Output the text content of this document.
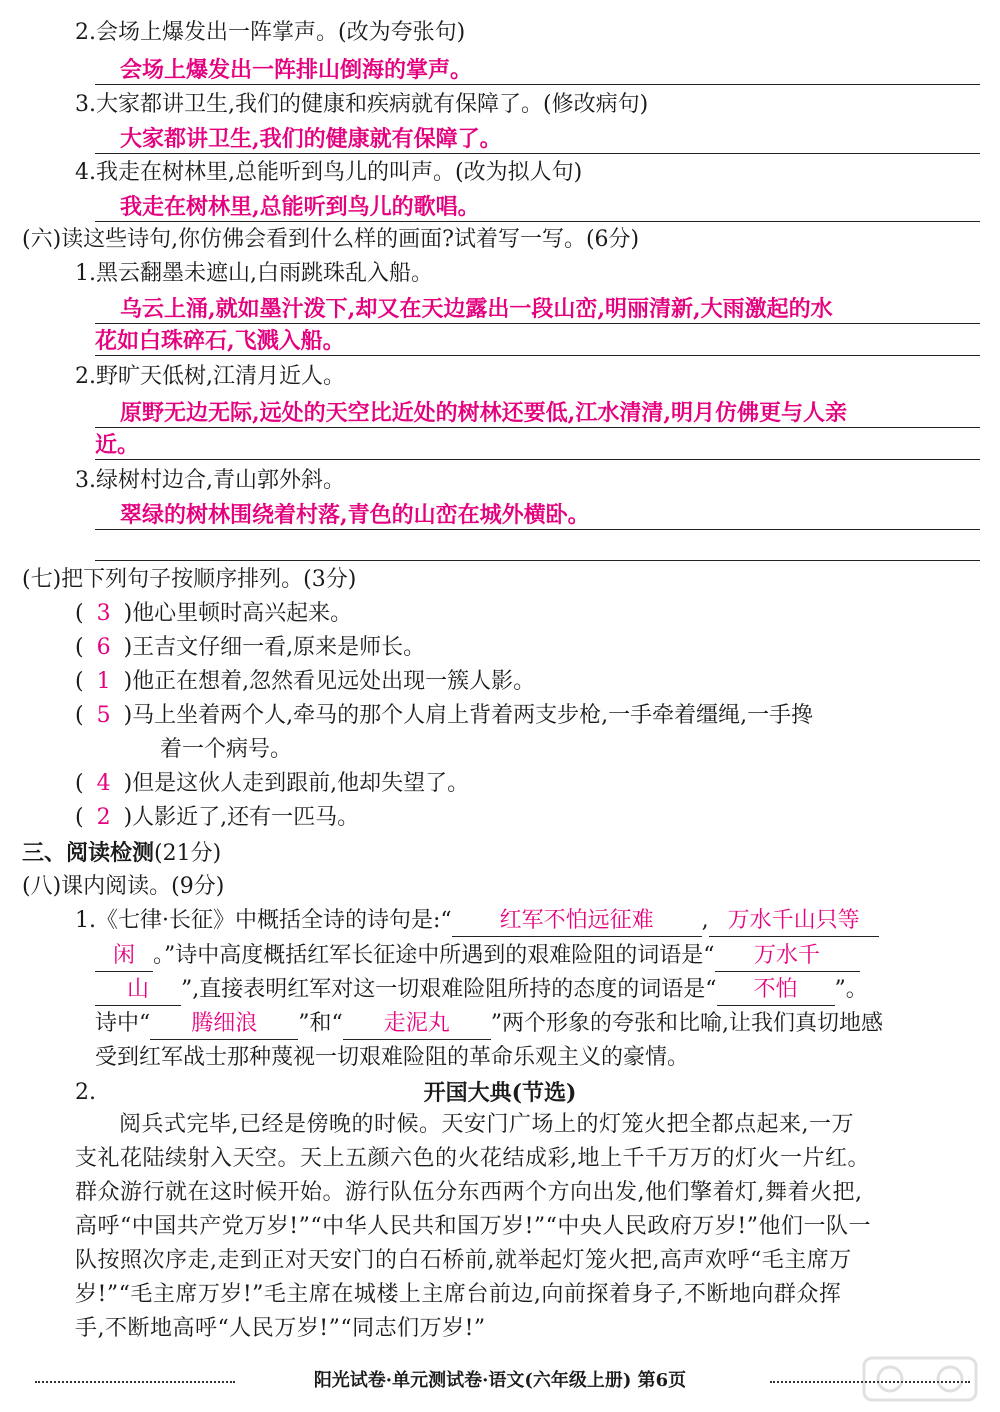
2.会场上爆发出一阵掌声。(改为夸张句)
会场上爆发出一阵排山倒海的掌声。
3.大家都讲卫生,我们的健康和疾病就有保障了。(修改病句)
大家都讲卫生,我们的健康就有保障了。
4.我走在树林里,总能听到鸟儿的叫声。(改为拟人句)
我走在树林里,总能听到鸟儿的歌唱。
(六)读这些诗句,你仿佛会看到什么样的画面?试着写一写。(6分)
1.黑云翻墨未遮山,白雨跳珠乱入船。
乌云上涌,就如墨汁泼下,却又在天边露出一段山峦,明丽清新,大雨激起的水
花如白珠碎石,飞溅入船。
2.野旷天低树,江清月近人。
原野无边无际,远处的天空比近处的树林还要低,江水清清,明月仿佛更与人亲
近。
3.绿树村边合,青山郭外斜。
翠绿的树林围绕着村落,青色的山峦在城外横卧。
(七)把下列句子按顺序排列。(3分)
( 3 )他心里顿时高兴起来。
( 6 )王吉文仔细一看,原来是师长。
( 1 )他正在想着,忽然看见远处出现一簇人影。
( 5 )马上坐着两个人,牵马的那个人肩上背着两支步枪,一手牵着缰绳,一手搀
着一个病号。
( 4 )但是这伙人走到跟前,他却失望了。
( 2 )人影近了,还有一匹马。
三、阅读检测(21分)
(八)课内阅读。(9分)
1.《七律·长征》中概括全诗的诗句是:“ 红军不怕远征难 , 万水千山只等
闲 。”诗中高度概括红军长征途中所遇到的艰难险阻的词语是“ 万水千
山 ”,直接表明红军对这一切艰难险阻所持的态度的词语是“ 不怕 ”。
诗中“ 腾细浪 ”和“ 走泥丸 ”两个形象的夸张和比喻,让我们真切地感
受到红军战士那种蔑视一切艰难险阻的革命乐观主义的豪情。
2.	开国大典(节选)
阅兵式完毕,已经是傍晚的时候。天安门广场上的灯笼火把全都点起来,一万
支礼花陆续射入天空。天上五颜六色的火花结成彩,地上千千万万的灯火一片红。
群众游行就在这时候开始。游行队伍分东西两个方向出发,他们擎着灯,舞着火把,
高呼“中国共产党万岁!”“中华人民共和国万岁!”“中央人民政府万岁!”他们一队一
队按照次序走,走到正对天安门的白石桥前,就举起灯笼火把,高声欢呼“毛主席万
岁!”“毛主席万岁!”毛主席在城楼上主席台前边,向前探着身子,不断地向群众挥
手,不断地高呼“人民万岁!”“同志们万岁!”
阳光试卷·单元测试卷·语文(六年级上册) 第6页
